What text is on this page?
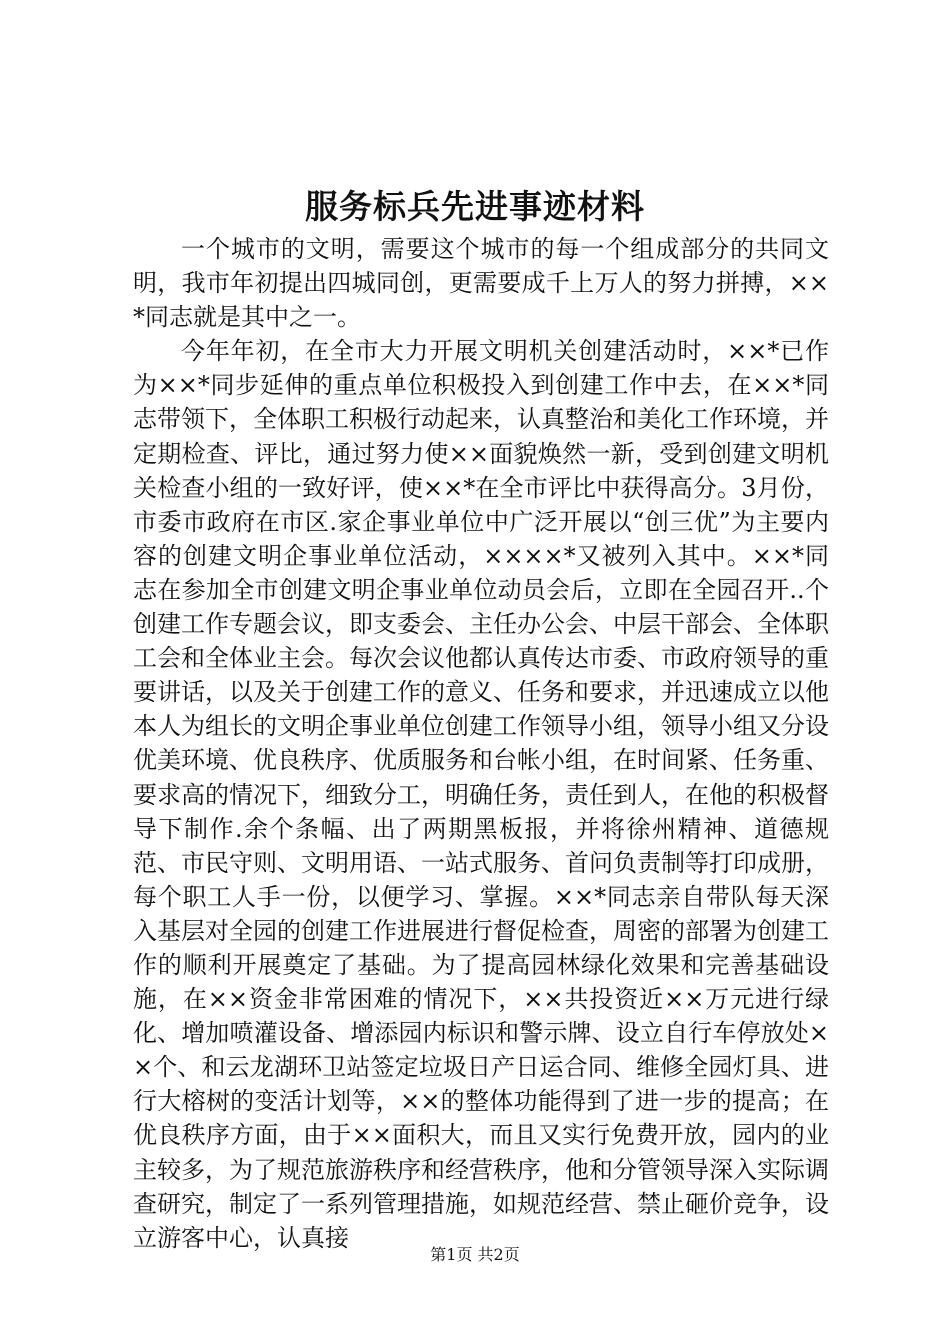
服务标兵先进事迹材料

一个城市的文明，需要这个城市的每一个组成部分的共同文明，我市年初提出四城同创，更需要成千上万人的努力拼搏，××*同志就是其中之一。

今年年初，在全市大力开展文明机关创建活动时，××*已作为××*同步延伸的重点单位积极投入到创建工作中去，在××*同志带领下，全体职工积极行动起来，认真整治和美化工作环境，并定期检查、评比，通过努力使××面貌焕然一新，受到创建文明机关检查小组的一致好评，使××*在全市评比中获得高分。3月份，市委市政府在市区.家企事业单位中广泛开展以“创三优”为主要内容的创建文明企事业单位活动，××××*又被列入其中。××*同志在参加全市创建文明企事业单位动员会后，立即在全园召开..个创建工作专题会议，即支委会、主任办公会、中层干部会、全体职工会和全体业主会。每次会议他都认真传达市委、市政府领导的重要讲话，以及关于创建工作的意义、任务和要求，并迅速成立以他本人为组长的文明企事业单位创建工作领导小组，领导小组又分设优美环境、优良秩序、优质服务和台帐小组，在时间紧、任务重、要求高的情况下，细致分工，明确任务，责任到人，在他的积极督导下制作.余个条幅、出了两期黑板报，并将徐州精神、道德规范、市民守则、文明用语、一站式服务、首问负责制等打印成册，每个职工人手一份，以便学习、掌握。××*同志亲自带队每天深入基层对全园的创建工作进展进行督促检查，周密的部署为创建工作的顺利开展奠定了基础。为了提高园林绿化效果和完善基础设施，在××资金非常困难的情况下，××共投资近××万元进行绿化、增加喷灌设备、增添园内标识和警示牌、设立自行车停放处××个、和云龙湖环卫站签定垃圾日产日运合同、维修全园灯具、进行大榕树的变活计划等，××的整体功能得到了进一步的提高；在优良秩序方面，由于××面积大，而且又实行免费开放，园内的业主较多，为了规范旅游秩序和经营秩序，他和分管领导深入实际调查研究，制定了一系列管理措施，如规范经营、禁止砸价竞争，设立游客中心，认真接

第1页 共2页
